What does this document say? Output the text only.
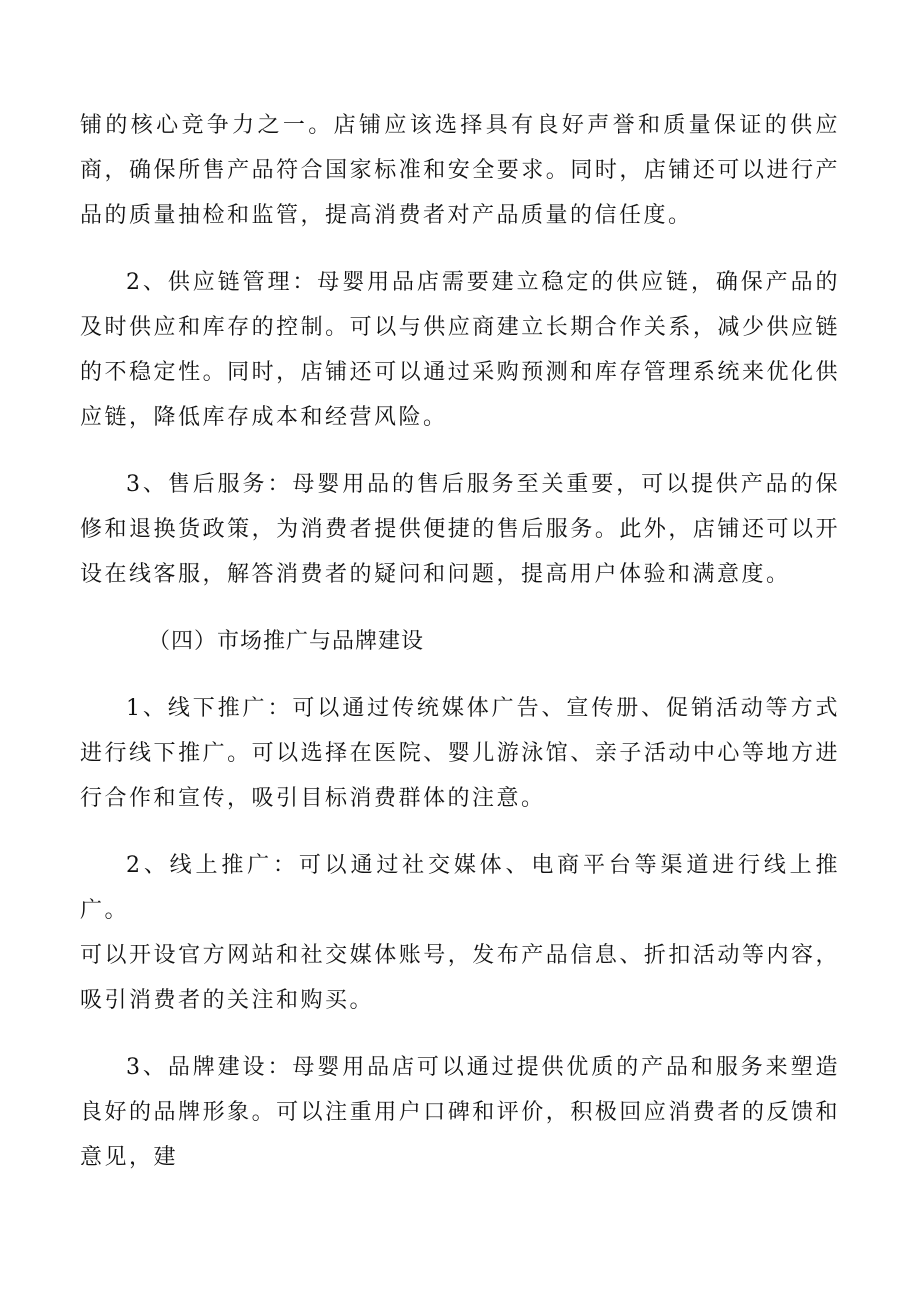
铺的核心竞争力之一。店铺应该选择具有良好声誉和质量保证的供应商，确保所售产品符合国家标准和安全要求。同时，店铺还可以进行产品的质量抽检和监管，提高消费者对产品质量的信任度。

2、供应链管理：母婴用品店需要建立稳定的供应链，确保产品的及时供应和库存的控制。可以与供应商建立长期合作关系，减少供应链的不稳定性。同时，店铺还可以通过采购预测和库存管理系统来优化供应链，降低库存成本和经营风险。

3、售后服务：母婴用品的售后服务至关重要，可以提供产品的保修和退换货政策，为消费者提供便捷的售后服务。此外，店铺还可以开设在线客服，解答消费者的疑问和问题，提高用户体验和满意度。

（四）市场推广与品牌建设

1、线下推广：可以通过传统媒体广告、宣传册、促销活动等方式进行线下推广。可以选择在医院、婴儿游泳馆、亲子活动中心等地方进行合作和宣传，吸引目标消费群体的注意。

2、线上推广：可以通过社交媒体、电商平台等渠道进行线上推广。

可以开设官方网站和社交媒体账号，发布产品信息、折扣活动等内容，吸引消费者的关注和购买。

3、品牌建设：母婴用品店可以通过提供优质的产品和服务来塑造良好的品牌形象。可以注重用户口碑和评价，积极回应消费者的反馈和意见，建
